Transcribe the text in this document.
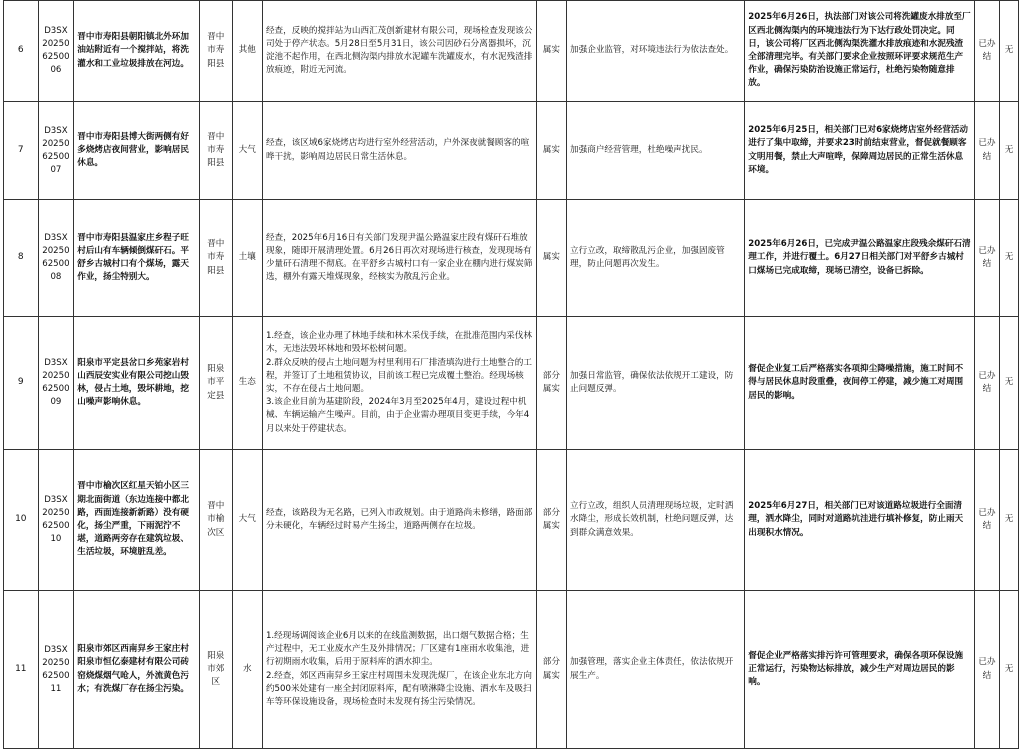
6	D3SX202506250006	晋中市寿阳县朝阳镇北外环加油站附近有一个搅拌站，将洗灌水和工业垃圾排放在河边。	晋中市寿阳县	其他	经查，反映的搅拌站为山西汇茂创新建材有限公司，现场检查发现该公司处于停产状态。5月28日至5月31日，该公司因砂石分离器损坏，沉淀池不起作用，在西北侧沟渠内排放水泥罐车洗罐废水，有水泥残渣排放痕迹，附近无河流。	属实	加强企业监管，对环境违法行为依法查处。	2025年6月26日，执法部门对该公司将洗罐废水排放至厂区西北侧沟渠内的环境违法行为下达行政处罚决定。同日，该公司将厂区西北侧沟渠洗灌水排放痕迹和水泥残渣全部清理完毕。有关部门要求企业按照环评要求规范生产作业，确保污染防治设施正常运行，杜绝污染物随意排放。	已办结	无
7	D3SX202506250007	晋中市寿阳县博大街两侧有好多烧烤店夜间营业，影响居民休息。	晋中市寿阳县	大气	经查，该区域6家烧烤店均进行室外经营活动，户外深夜就餐顾客的喧哗干扰，影响周边居民日常生活休息。	属实	加强商户经营管理，杜绝噪声扰民。	2025年6月25日，相关部门已对6家烧烤店室外经营活动进行了集中取缔，并要求23时前结束营业，督促就餐顾客文明用餐，禁止大声喧哗，保障周边居民的正常生活休息环境。	已办结	无
8	D3SX202506250008	晋中市寿阳县温家庄乡程子旺村后山有车辆倾倒煤矸石。平舒乡古城村口有个煤场，露天作业，扬尘特别大。	晋中市寿阳县	土壤	经查，2025年6月16日有关部门发现尹温公路温家庄段有煤矸石堆放现象，随即开展清理处置。6月26日再次对现场进行核查，发现现场有少量矸石清理不彻底。在平舒乡古城村口有一家企业在棚内进行煤炭筛选，棚外有露天堆煤现象，经核实为散乱污企业。	属实	立行立改，取缔散乱污企业，加强固废管理，防止问题再次发生。	2025年6月26日，已完成尹温公路温家庄段残余煤矸石清理工作，并进行覆土。6月27日相关部门对平舒乡古城村口煤场已完成取缔，现场已清空，设备已拆除。	已办结	无
9	D3SX202506250009	阳泉市平定县岔口乡苑家岩村山西辰安实业有限公司挖山毁林，侵占土地，毁坏耕地，挖山噪声影响休息。	阳泉市平定县	生态	1.经查，该企业办理了林地手续和林木采伐手续，在批准范围内采伐林木，无违法毁坏林地和毁坏松树问题。
2.群众反映的侵占土地问题为村里利用石厂排渣填沟进行土地整合的工程，并签订了土地租赁协议，目前该工程已完成覆土整治。经现场核实，不存在侵占土地问题。
3.该企业目前为基建阶段，2024年3月至2025年4月，建设过程中机械、车辆运输产生噪声。目前，由于企业需办理项目变更手续，今年4月以来处于停建状态。	部分属实	加强日常监管，确保依法依规开工建设，防止问题反弹。	督促企业复工后严格落实各项抑尘降噪措施，施工时间不得与居民休息时段重叠，夜间停工停建，减少施工对周围居民的影响。	已办结	无
10	D3SX202506250010	晋中市榆次区红星天铂小区三期北面街道（东边连接中都北路，西面连接新新路）没有硬化，扬尘严重，下雨泥泞不堪，道路两旁存在建筑垃圾、生活垃圾，环境脏乱差。	晋中市榆次区	大气	经查，该路段为无名路，已列入市政规划。由于道路尚未修缮，路面部分未硬化，车辆经过时易产生扬尘，道路两侧存在垃圾。	部分属实	立行立改，组织人员清理现场垃圾，定时洒水降尘，形成长效机制，杜绝问题反弹，达到群众满意效果。	2025年6月27日，相关部门已对该道路垃圾进行全面清理，洒水降尘，同时对道路坑洼进行填补修复，防止雨天出现积水情况。	已办结	无
11	D3SX202506250011	阳泉市郊区西南舁乡王家庄村阳泉市恒亿泰建材有限公司砖窑烧煤烟气呛人，外流黄色污水；有洗煤厂存在扬尘污染。	阳泉市郊区	水	1.经现场调阅该企业6月以来的在线监测数据，出口烟气数据合格；生产过程中，无工业废水产生及外排情况；厂区建有1座雨水收集池，进行初期雨水收集，后用于原料库的洒水抑尘。
2.经查，郊区西南舁乡王家庄村周围未发现洗煤厂，在该企业东北方向约500米处建有一座全封闭原料库，配有喷淋降尘设施、洒水车及吸扫车等环保设施设备，现场检查时未发现有扬尘污染情况。	部分属实	加强管理，落实企业主体责任，依法依规开展生产。	督促企业严格落实排污许可管理要求，确保各项环保设施正常运行，污染物达标排放，减少生产对周边居民的影响。	已办结	无
